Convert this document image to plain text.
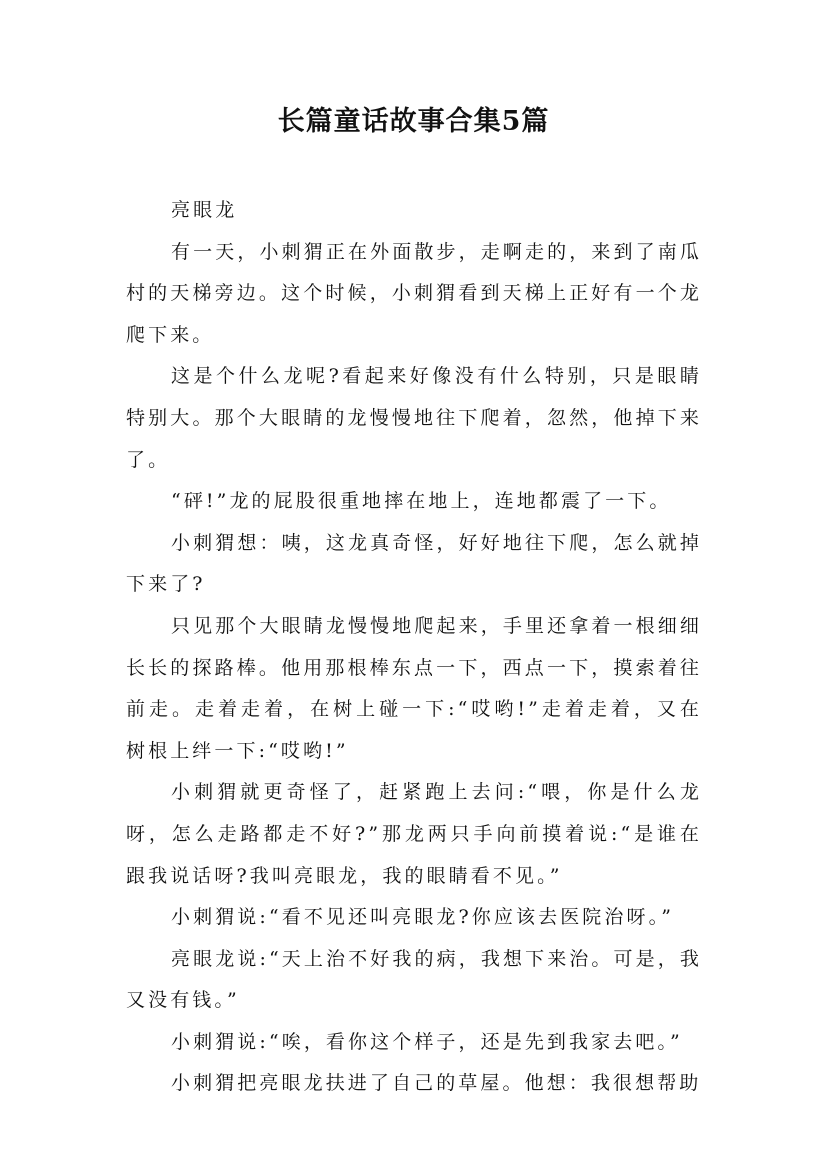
长篇童话故事合集5篇

亮眼龙

有一天，小刺猬正在外面散步，走啊走的，来到了南瓜村的天梯旁边。这个时候，小刺猬看到天梯上正好有一个龙爬下来。

这是个什么龙呢?看起来好像没有什么特别，只是眼睛特别大。那个大眼睛的龙慢慢地往下爬着，忽然，他掉下来了。

“砰!”龙的屁股很重地摔在地上，连地都震了一下。

小刺猬想：咦，这龙真奇怪，好好地往下爬，怎么就掉下来了?

只见那个大眼睛龙慢慢地爬起来，手里还拿着一根细细长长的探路棒。他用那根棒东点一下，西点一下，摸索着往前走。走着走着，在树上碰一下:“哎哟!”走着走着，又在树根上绊一下:“哎哟!”

小刺猬就更奇怪了，赶紧跑上去问:“喂，你是什么龙呀，怎么走路都走不好?”那龙两只手向前摸着说:“是谁在跟我说话呀?我叫亮眼龙，我的眼睛看不见。”

小刺猬说:“看不见还叫亮眼龙?你应该去医院治呀。”

亮眼龙说:“天上治不好我的病，我想下来治。可是，我又没有钱。”

小刺猬说:“唉，看你这个样子，还是先到我家去吧。”

小刺猬把亮眼龙扶进了自己的草屋。他想：我很想帮助
